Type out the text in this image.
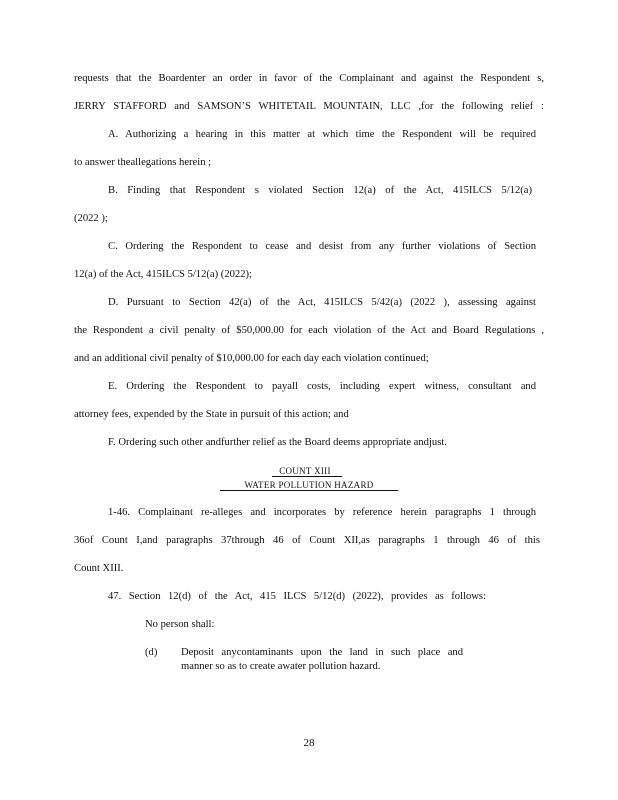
requests that the Boardenter an order in favor of the Complainant and against the Respondent s,
JERRY STAFFORD and SAMSON’S WHITETAIL MOUNTAIN, LLC ,for the following relief :
A. Authorizing a hearing in this matter at which time the Respondent will be required
to answer theallegations herein ;
B. Finding that Respondent s violated Section 12(a) of the Act, 415ILCS 5/12(a)
(2022 );
C. Ordering the Respondent to cease and desist from any further violations of Section
12(a) of the Act, 415ILCS 5/12(a) (2022);
D. Pursuant to Section 42(a) of the Act, 415ILCS 5/42(a) (2022 ), assessing against
the Respondent a civil penalty of $50,000.00 for each violation of the Act and Board Regulations ,
and an additional civil penalty of $10,000.00 for each day each violation continued;
E. Ordering the Respondent to payall costs, including expert witness, consultant and
attorney fees, expended by the State in pursuit of this action; and
F. Ordering such other andfurther relief as the Board deems appropriate andjust.
COUNT XIII
WATER POLLUTION HAZARD
1-46. Complainant re-alleges and incorporates by reference herein paragraphs 1 through
36of Count I,and paragraphs 37through 46 of Count XII,as paragraphs 1 through 46 of this
Count XIII.
47. Section 12(d) of the Act, 415 ILCS 5/12(d) (2022), provides as follows:
No person shall:
(d) Deposit anycontaminants upon the land in such place and
manner so as to create awater pollution hazard.
28
